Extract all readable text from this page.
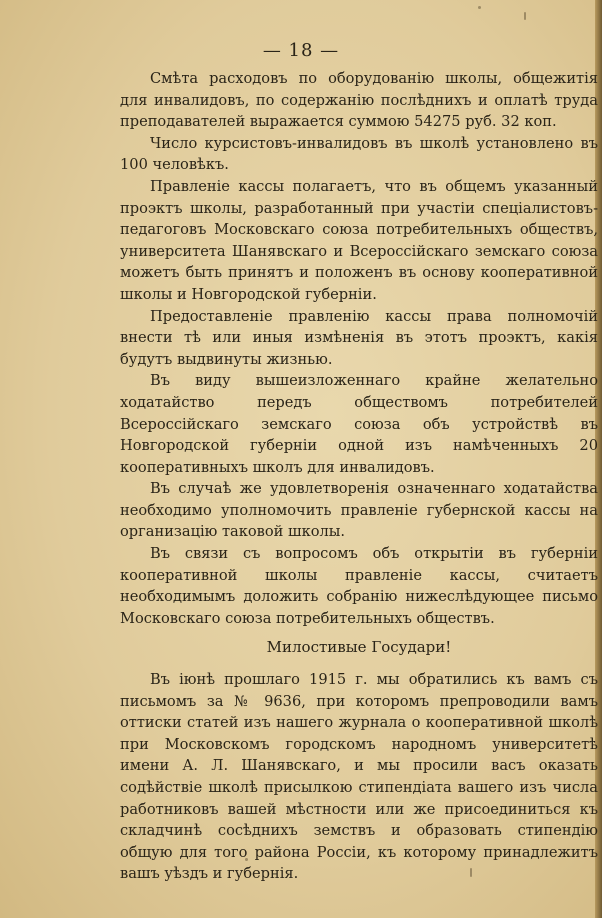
— 18 —

Смѣта расходовъ по оборудованію школы, общежитія для инвалидовъ, по содержанію послѣднихъ и оплатѣ труда преподавателей выражается суммою 54275 руб. 32 коп.

Число курсистовъ-инвалидовъ въ школѣ установлено въ 100 человѣкъ.

Правленіе кассы полагаетъ, что въ общемъ указанный проэктъ школы, разработанный при участіи спеціалистовъ-педагоговъ Московскаго союза потребительныхъ обществъ, университета Шанявскаго и Всероссійскаго земскаго союза можетъ быть принятъ и положенъ въ основу кооперативной школы и Новгородской губерніи.

Предоставленіе правленію кассы права полномочій внести тѣ или иныя измѣненія въ этотъ проэктъ, какія будутъ выдвинуты жизнью.

Въ виду вышеизложеннаго крайне желательно ходатайство передъ обществомъ потребителей Всероссійскаго земскаго союза объ устройствѣ въ Новгородской губерніи одной изъ намѣченныхъ 20 кооперативныхъ школъ для инвалидовъ.

Въ случаѣ же удовлетворенія означеннаго ходатайства необходимо уполномочить правленіе губернской кассы на организацію таковой школы.

Въ связи съ вопросомъ объ открытіи въ губерніи кооперативной школы правленіе кассы, считаетъ необходимымъ доложить собранію нижеслѣдующее письмо Московскаго союза потребительныхъ обществъ.

Милостивые Государи!

Въ іюнѣ прошлаго 1915 г. мы обратились къ вамъ съ письмомъ за № 9636, при которомъ препроводили вамъ оттиски статей изъ нашего журнала о кооперативной школѣ при Московскомъ городскомъ народномъ университетѣ имени А. Л. Шанявскаго, и мы просили васъ оказать содѣйствіе школѣ присылкою стипендіата вашего изъ числа работниковъ вашей мѣстности или же присоединиться къ складчинѣ сосѣднихъ земствъ и образовать стипендію общую для того района Россіи, къ которому принадлежитъ вашъ уѣздъ и губернія.
